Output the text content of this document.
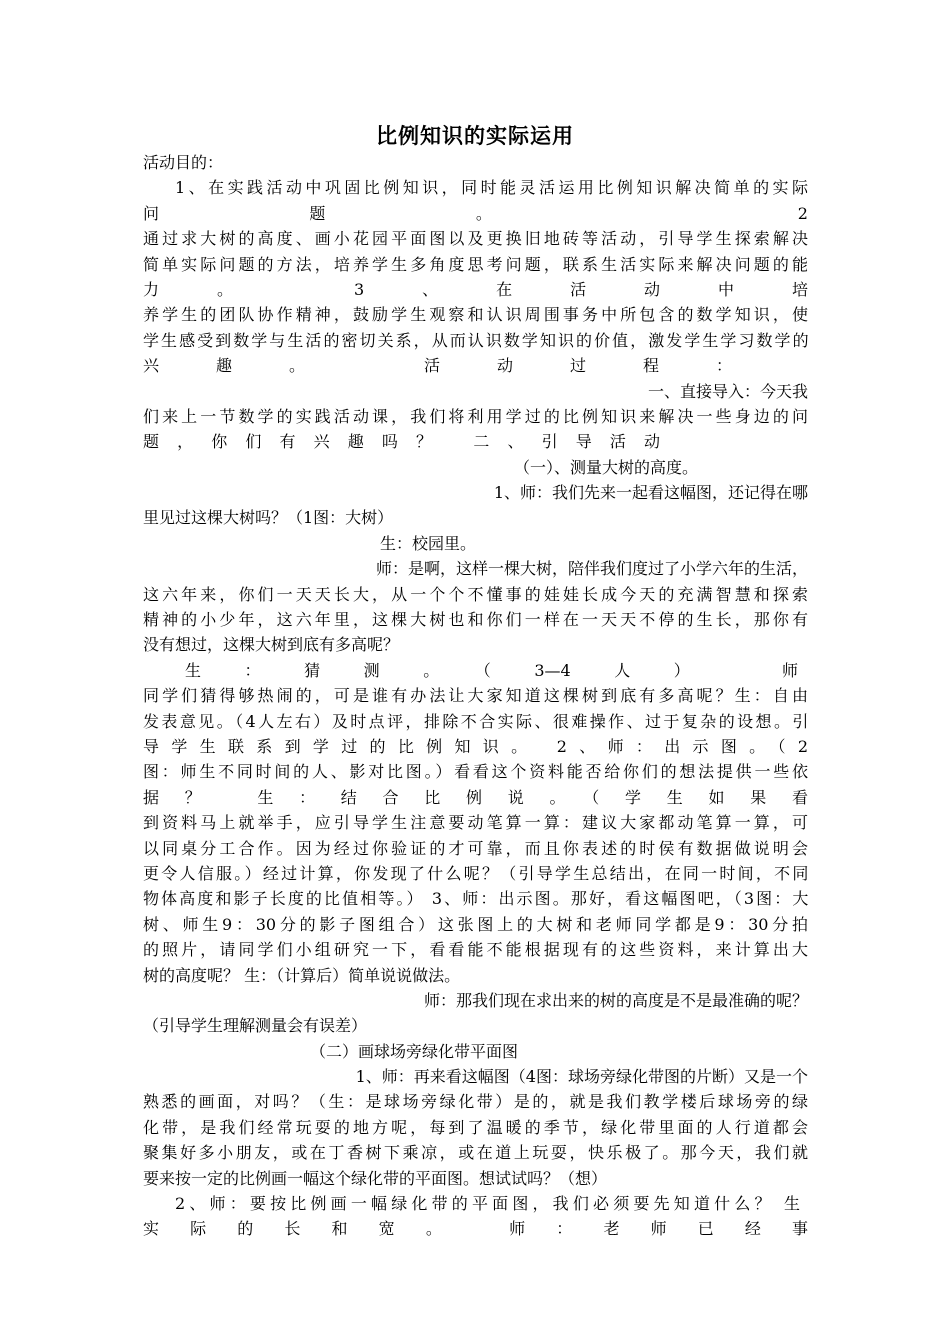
比例知识的实际运用
活动目的：
1、在实践活动中巩固比例知识，同时能灵活运用比例知识解决简单的实际
问题。 2
通过求大树的高度、画小花园平面图以及更换旧地砖等活动，引导学生探索解决
简单实际问题的方法，培养学生多角度思考问题，联系生活实际来解决问题的能
力。 3、在活动中培
养学生的团队协作精神，鼓励学生观察和认识周围事务中所包含的数学知识，使
学生感受到数学与生活的密切关系，从而认识数学知识的价值，激发学生学习数学的
兴趣。 活动过程：
一、直接导入：今天我
们来上一节数学的实践活动课，我们将利用学过的比例知识来解决一些身边的问
题，你们有兴趣吗？ 二、引导活动
（一）、测量大树的高度。
1、师：我们先来一起看这幅图，还记得在哪
里见过这棵大树吗？（1图：大树）
生：校园里。
师：是啊，这样一棵大树，陪伴我们度过了小学六年的生活，
这六年来，你们一天天长大，从一个个不懂事的娃娃长成今天的充满智慧和探索
精神的小少年，这六年里，这棵大树也和你们一样在一天天不停的生长，那你有
没有想过，这棵大树到底有多高呢？
生：猜测。（3—4人） 师
同学们猜得够热闹的，可是谁有办法让大家知道这棵树到底有多高呢？生：自由
发表意见。（4人左右）及时点评，排除不合实际、很难操作、过于复杂的设想。引
导学生联系到学过的比例知识。 2、师：出示图。（2
图：师生不同时间的人、影对比图。）看看这个资料能否给你们的想法提供一些依
据？ 生：结合比例说。（学生如果看
到资料马上就举手，应引导学生注意要动笔算一算：建议大家都动笔算一算，可
以同桌分工合作。因为经过你验证的才可靠，而且你表述的时侯有数据做说明会
更令人信服。）经过计算，你发现了什么呢？（引导学生总结出，在同一时间，不同
物体高度和影子长度的比值相等。） 3、师：出示图。那好，看这幅图吧，（3图：大
树、师生9：30分的影子图组合）这张图上的大树和老师同学都是9：30分拍
的照片，请同学们小组研究一下，看看能不能根据现有的这些资料，来计算出大
树的高度呢？ 生：（计算后）简单说说做法。
师：那我们现在求出来的树的高度是不是最准确的呢？
（引导学生理解测量会有误差）
（二）画球场旁绿化带平面图
1、师：再来看这幅图（4图：球场旁绿化带图的片断）又是一个
熟悉的画面，对吗？（生：是球场旁绿化带）是的，就是我们教学楼后球场旁的绿
化带，是我们经常玩耍的地方呢，每到了温暖的季节，绿化带里面的人行道都会
聚集好多小朋友，或在丁香树下乘凉，或在道上玩耍，快乐极了。那今天，我们就
要来按一定的比例画一幅这个绿化带的平面图。想试试吗？（想）
2、师：要按比例画一幅绿化带的平面图，我们必须要先知道什么？ 生
实际的长和宽。 师：老师已经事
